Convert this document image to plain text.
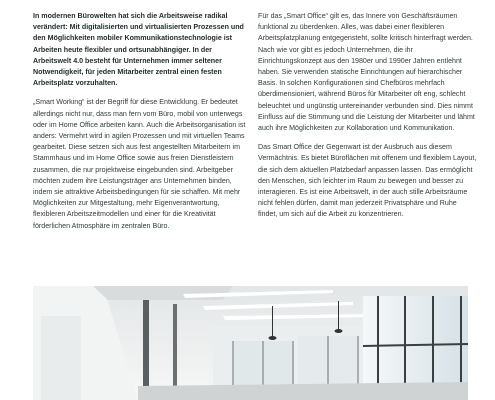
In modernen Bürowelten hat sich die Arbeitsweise radikal verändert: Mit digitalisierten und virtualisierten Prozessen und den Möglichkeiten mobiler Kommunikationstechnologie ist Arbeiten heute flexibler und ortsunabhängiger. In der Arbeitswelt 4.0 besteht für Unternehmen immer seltener Notwendigkeit, für jeden Mitarbeiter zentral einen festen Arbeitsplatz vorzuhalten.

„Smart Working“ ist der Begriff für diese Entwicklung. Er bedeutet allerdings nicht nur, dass man fern vom Büro, mobil von unterwegs oder im Home Office arbeiten kann. Auch die Arbeitsorganisation ist anders: Vermehrt wird in agilen Prozessen und mit virtuellen Teams gearbeitet. Diese setzen sich aus fest angestellten Mitarbeitern im Stammhaus und im Home Office sowie aus freien Dienstleistern zusammen, die nur projektweise eingebunden sind. Arbeitgeber möchten zudem ihre Leistungsträger ans Unternehmen binden, indem sie attraktive Arbeitsbedingungen für sie schaffen. Mit mehr Möglichkeiten zur Mitgestaltung, mehr Eigenverantwortung, flexibleren Arbeitszeitmodellen und einer für die Kreativität förderlichen Atmosphäre im zentralen Büro.

Für das „Smart Office“ gilt es, das Innere von Geschäftsräumen funktional zu überdenken. Alles, was dabei einer flexibleren Arbeitsplatzplanung entgegensteht, sollte kritisch hinterfragt werden. Nach wie vor gibt es jedoch Unternehmen, die ihr Einrichtungskonzept aus den 1980er und 1990er Jahren entlehnt haben. Sie verwenden statische Einrichtungen auf hierarchischer Basis. In solchen Konfigurationen sind Chefbüros mehrfach überdimensioniert, während Büros für Mitarbeiter oft eng, schlecht beleuchtet und ungünstig untereinander verbunden sind. Dies nimmt Einfluss auf die Stimmung und die Leistung der Mitarbeiter und lähmt auch ihre Möglichkeiten zur Kollaboration und Kommunikation.

Das Smart Office der Gegenwart ist der Ausbruch aus diesem Vermächtnis. Es bietet Büroflächen mit offenem und flexiblem Layout, die sich dem aktuellen Platzbedarf anpassen lassen. Das ermöglicht den Menschen, sich leichter im Raum zu bewegen und besser zu interagieren. Es ist eine Arbeitswelt, in der auch stille Arbeitsräume nicht fehlen dürfen, damit man jederzeit Privatsphäre und Ruhe findet, um sich auf die Arbeit zu konzentrieren.
